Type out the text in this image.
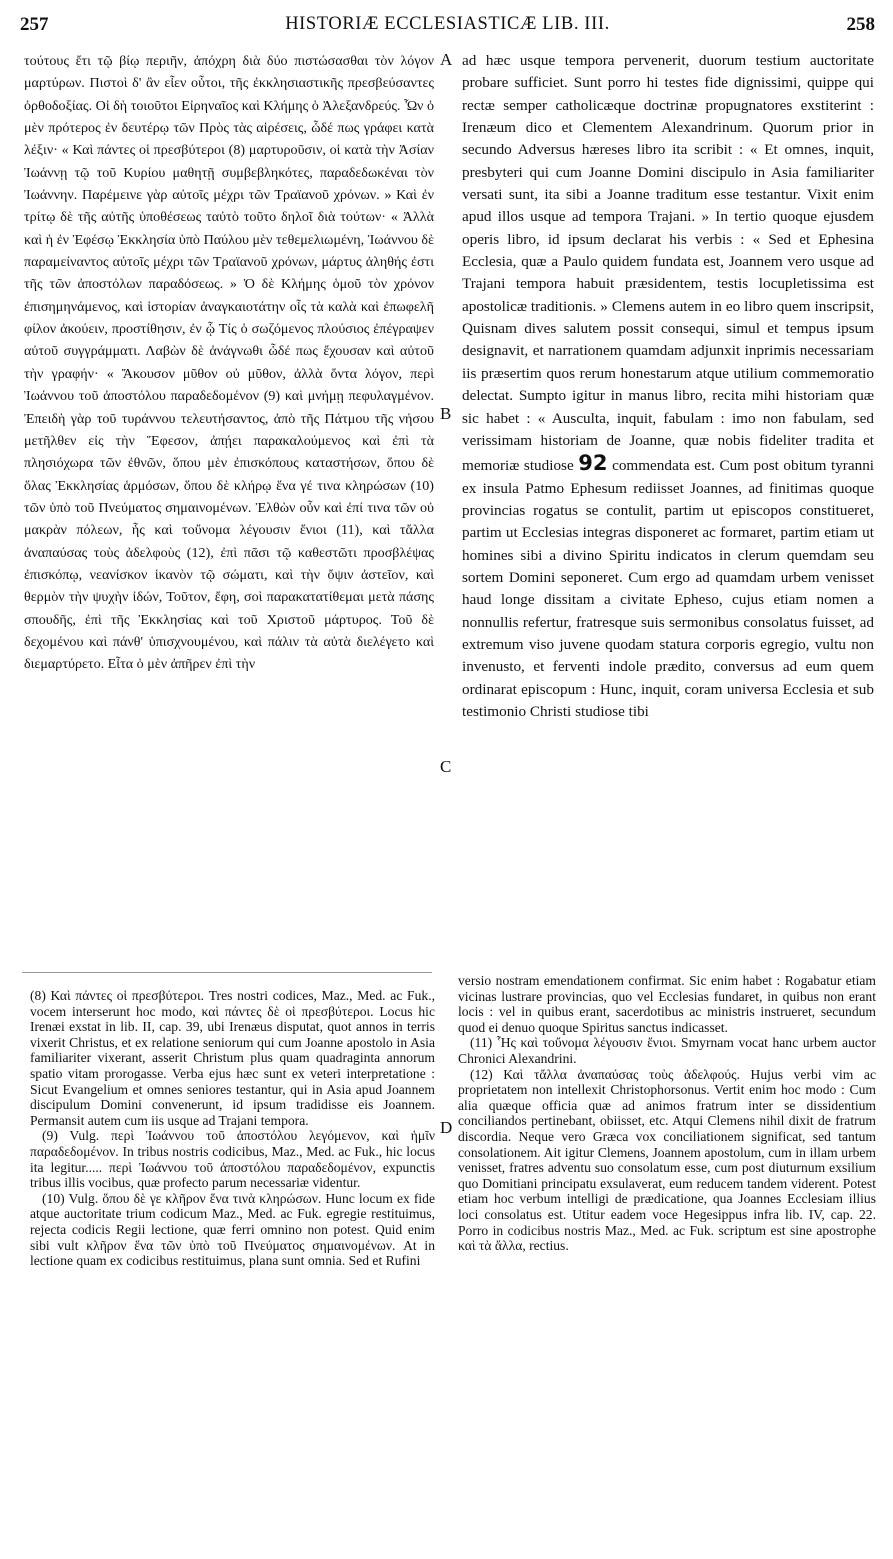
257	HISTORIÆ ECCLESIASTICÆ LIB. III.	258

τούτους ἔτι τῷ βίῳ περιῆν, ἀπόχρη διὰ δύο πιστώσασθαι τὸν λόγον μαρτύρων. Πιστοὶ δ' ἂν εἶεν οὗτοι, τῆς ἐκκλησιαστικῆς πρεσβεύσαντες ὀρθοδοξίας. Οἱ δὴ τοιοῦτοι Εἰρηναῖος καὶ Κλήμης ὁ Ἀλεξανδρεύς. Ὧν ὁ μὲν πρότερος ἐν δευτέρῳ τῶν Πρὸς τὰς αἱρέσεις, ὧδέ πως γράφει κατὰ λέξιν· « Καὶ πάντες οἱ πρεσβύτεροι (8) μαρτυροῦσιν, οἱ κατὰ τὴν Ἀσίαν Ἰωάννῃ τῷ τοῦ Κυρίου μαθητῇ συμβεβληκότες, παραδεδωκέναι τὸν Ἰωάννην. Παρέμεινε γὰρ αὐτοῖς μέχρι τῶν Τραϊανοῦ χρόνων. » Καὶ ἐν τρίτῳ δὲ τῆς αὐτῆς ὑποθέσεως ταὐτὸ τοῦτο δηλοῖ διὰ τούτων· « Ἀλλὰ καὶ ἡ ἐν Ἐφέσῳ Ἐκκλησία ὑπὸ Παύλου μὲν τεθεμελιωμένη, Ἰωάννου δὲ παραμείναντος αὐτοῖς μέχρι τῶν Τραϊανοῦ χρόνων, μάρτυς ἀληθής ἐστι τῆς τῶν ἀποστόλων παραδόσεως. » Ὁ δὲ Κλήμης ὁμοῦ τὸν χρόνον ἐπισημηνάμενος, καὶ ἱστορίαν ἀναγκαιοτάτην οἷς τὰ καλὰ καὶ ἐπωφελῆ φίλον ἀκούειν, προστίθησιν, ἐν ᾧ Τίς ὁ σωζόμενος πλούσιος ἐπέγραψεν αὐτοῦ συγγράμματι. Λαβὼν δὲ ἀνάγνωθι ὧδέ πως ἔχουσαν καὶ αὐτοῦ τὴν γραφήν· « Ἄκουσον μῦθον οὐ μῦθον, ἀλλὰ ὄντα λόγον, περὶ Ἰωάννου τοῦ ἀποστόλου παραδεδομένον (9) καὶ μνήμῃ πεφυλαγμένον. Ἐπειδὴ γὰρ τοῦ τυράννου τελευτήσαντος, ἀπὸ τῆς Πάτμου τῆς νήσου μετῆλθεν εἰς τὴν Ἔφεσον, ἀπῄει παρακαλούμενος καὶ ἐπὶ τὰ πλησιόχωρα τῶν ἐθνῶν, ὅπου μὲν ἐπισκόπους καταστήσων, ὅπου δὲ ὅλας Ἐκκλησίας ἁρμόσων, ὅπου δὲ κλήρῳ ἕνα γέ τινα κληρώσων (10) τῶν ὑπὸ τοῦ Πνεύματος σημαινομένων. Ἐλθὼν οὖν καὶ ἐπί τινα τῶν οὐ μακρὰν πόλεων, ἧς καὶ τοὔνομα λέγουσιν ἔνιοι (11), καὶ τἄλλα ἀναπαύσας τοὺς ἀδελφοὺς (12), ἐπὶ πᾶσι τῷ καθεστῶτι προσβλέψας ἐπισκόπῳ, νεανίσκον ἱκανὸν τῷ σώματι, καὶ τὴν ὄψιν ἀστεῖον, καὶ θερμὸν τὴν ψυχὴν ἰδών, Τοῦτον, ἔφη, σοὶ παρακατατίθεμαι μετὰ πάσης σπουδῆς, ἐπὶ τῆς Ἐκκλησίας καὶ τοῦ Χριστοῦ μάρτυρος. Τοῦ δὲ δεχομένου καὶ πάνθ' ὑπισχνουμένου, καὶ πάλιν τὰ αὐτὰ διελέγετο καὶ διεμαρτύρετο. Εἶτα ὁ μὲν ἀπῆρεν ἐπὶ τὴν

A
B
C
D

ad hæc usque tempora pervenerit, duorum testium auctoritate probare sufficiet. Sunt porro hi testes fide dignissimi, quippe qui rectæ semper catholicæque doctrinæ propugnatores exstiterint : Irenæum dico et Clementem Alexandrinum. Quorum prior in secundo Adversus hæreses libro ita scribit : « Et omnes, inquit, presbyteri qui cum Joanne Domini discipulo in Asia familiariter versati sunt, ita sibi a Joanne traditum esse testantur. Vixit enim apud illos usque ad tempora Trajani. » In tertio quoque ejusdem operis libro, id ipsum declarat his verbis : « Sed et Ephesina Ecclesia, quæ a Paulo quidem fundata est, Joannem vero usque ad Trajani tempora habuit præsidentem, testis locupletissima est apostolicæ traditionis. » Clemens autem in eo libro quem inscripsit, Quisnam dives salutem possit consequi, simul et tempus ipsum designavit, et narrationem quamdam adjunxit inprimis necessariam iis præsertim quos rerum honestarum atque utilium commemoratio delectat. Sumpto igitur in manus libro, recita mihi historiam quæ sic habet : « Ausculta, inquit, fabulam : imo non fabulam, sed verissimam historiam de Joanne, quæ nobis fideliter tradita et memoriæ studiose 92 commendata est. Cum post obitum tyranni ex insula Patmo Ephesum rediisset Joannes, ad finitimas quoque provincias rogatus se contulit, partim ut episcopos constitueret, partim ut Ecclesias integras disponeret ac formaret, partim etiam ut homines sibi a divino Spiritu indicatos in clerum quemdam seu sortem Domini seponeret. Cum ergo ad quamdam urbem venisset haud longe dissitam a civitate Epheso, cujus etiam nomen a nonnullis refertur, fratresque suis sermonibus consolatus fuisset, ad extremum viso juvene quodam statura corporis egregio, vultu non invenusto, et ferventi indole prædito, conversus ad eum quem ordinarat episcopum : Hunc, inquit, coram universa Ecclesia et sub testimonio Christi studiose tibi

(8) Καὶ πάντες οἱ πρεσβύτεροι. Tres nostri codices, Maz., Med. ac Fuk., vocem interserunt hoc modo, καὶ πάντες δὲ οἱ πρεσβύτεροι. Locus hic Irenæi exstat in lib. II, cap. 39, ubi Irenæus disputat, quot annos in terris vixerit Christus, et ex relatione seniorum qui cum Joanne apostolo in Asia familiariter vixerant, asserit Christum plus quam quadraginta annorum spatio vitam prorogasse. Verba ejus hæc sunt ex veteri interpretatione : Sicut Evangelium et omnes seniores testantur, qui in Asia apud Joannem discipulum Domini convenerunt, id ipsum tradidisse eis Joannem. Permansit autem cum iis usque ad Trajani tempora.

(9) Vulg. περὶ Ἰωάννου τοῦ ἀποστόλου λεγόμενον, καὶ ἡμῖν παραδεδομένον. In tribus nostris codicibus, Maz., Med. ac Fuk., hic locus ita legitur..... περὶ Ἰωάννου τοῦ ἀποστόλου παραδεδομένον, expunctis tribus illis vocibus, quæ profecto parum necessariæ videntur.

(10) Vulg. ὅπου δὲ γε κλῆρον ἕνα τινὰ κληρώσων. Hunc locum ex fide atque auctoritate trium codicum Maz., Med. ac Fuk. egregie restituimus, rejecta codicis Regii lectione, quæ ferri omnino non potest. Quid enim sibi vult κλῆρον ἕνα τῶν ὑπὸ τοῦ Πνεύματος σημαινομένων. At in lectione quam ex codicibus restituimus, plana sunt omnia. Sed et Rufini

versio nostram emendationem confirmat. Sic enim habet : Rogabatur etiam vicinas lustrare provincias, quo vel Ecclesias fundaret, in quibus non erant locis : vel in quibus erant, sacerdotibus ac ministris instrueret, secundum quod ei denuo quoque Spiritus sanctus indicasset.

(11) Ἧς καὶ τοὔνομα λέγουσιν ἔνιοι. Smyrnam vocat hanc urbem auctor Chronici Alexandrini.

(12) Καὶ τἄλλα ἀναπαύσας τοὺς ἀδελφούς. Hujus verbi vim ac proprietatem non intellexit Christophorsonus. Vertit enim hoc modo : Cum alia quæque officia quæ ad animos fratrum inter se dissidentium conciliandos pertinebant, obiisset, etc. Atqui Clemens nihil dixit de fratrum discordia. Neque vero Græca vox conciliationem significat, sed tantum consolationem. Ait igitur Clemens, Joannem apostolum, cum in illam urbem venisset, fratres adventu suo consolatum esse, cum post diuturnum exsilium quo Domitiani principatu exsulaverat, eum reducem tandem viderent. Potest etiam hoc verbum intelligi de prædicatione, qua Joannes Ecclesiam illius loci consolatus est. Utitur eadem voce Hegesippus infra lib. IV, cap. 22. Porro in codicibus nostris Maz., Med. ac Fuk. scriptum est sine apostrophe καὶ τὰ ἄλλα, rectius.
